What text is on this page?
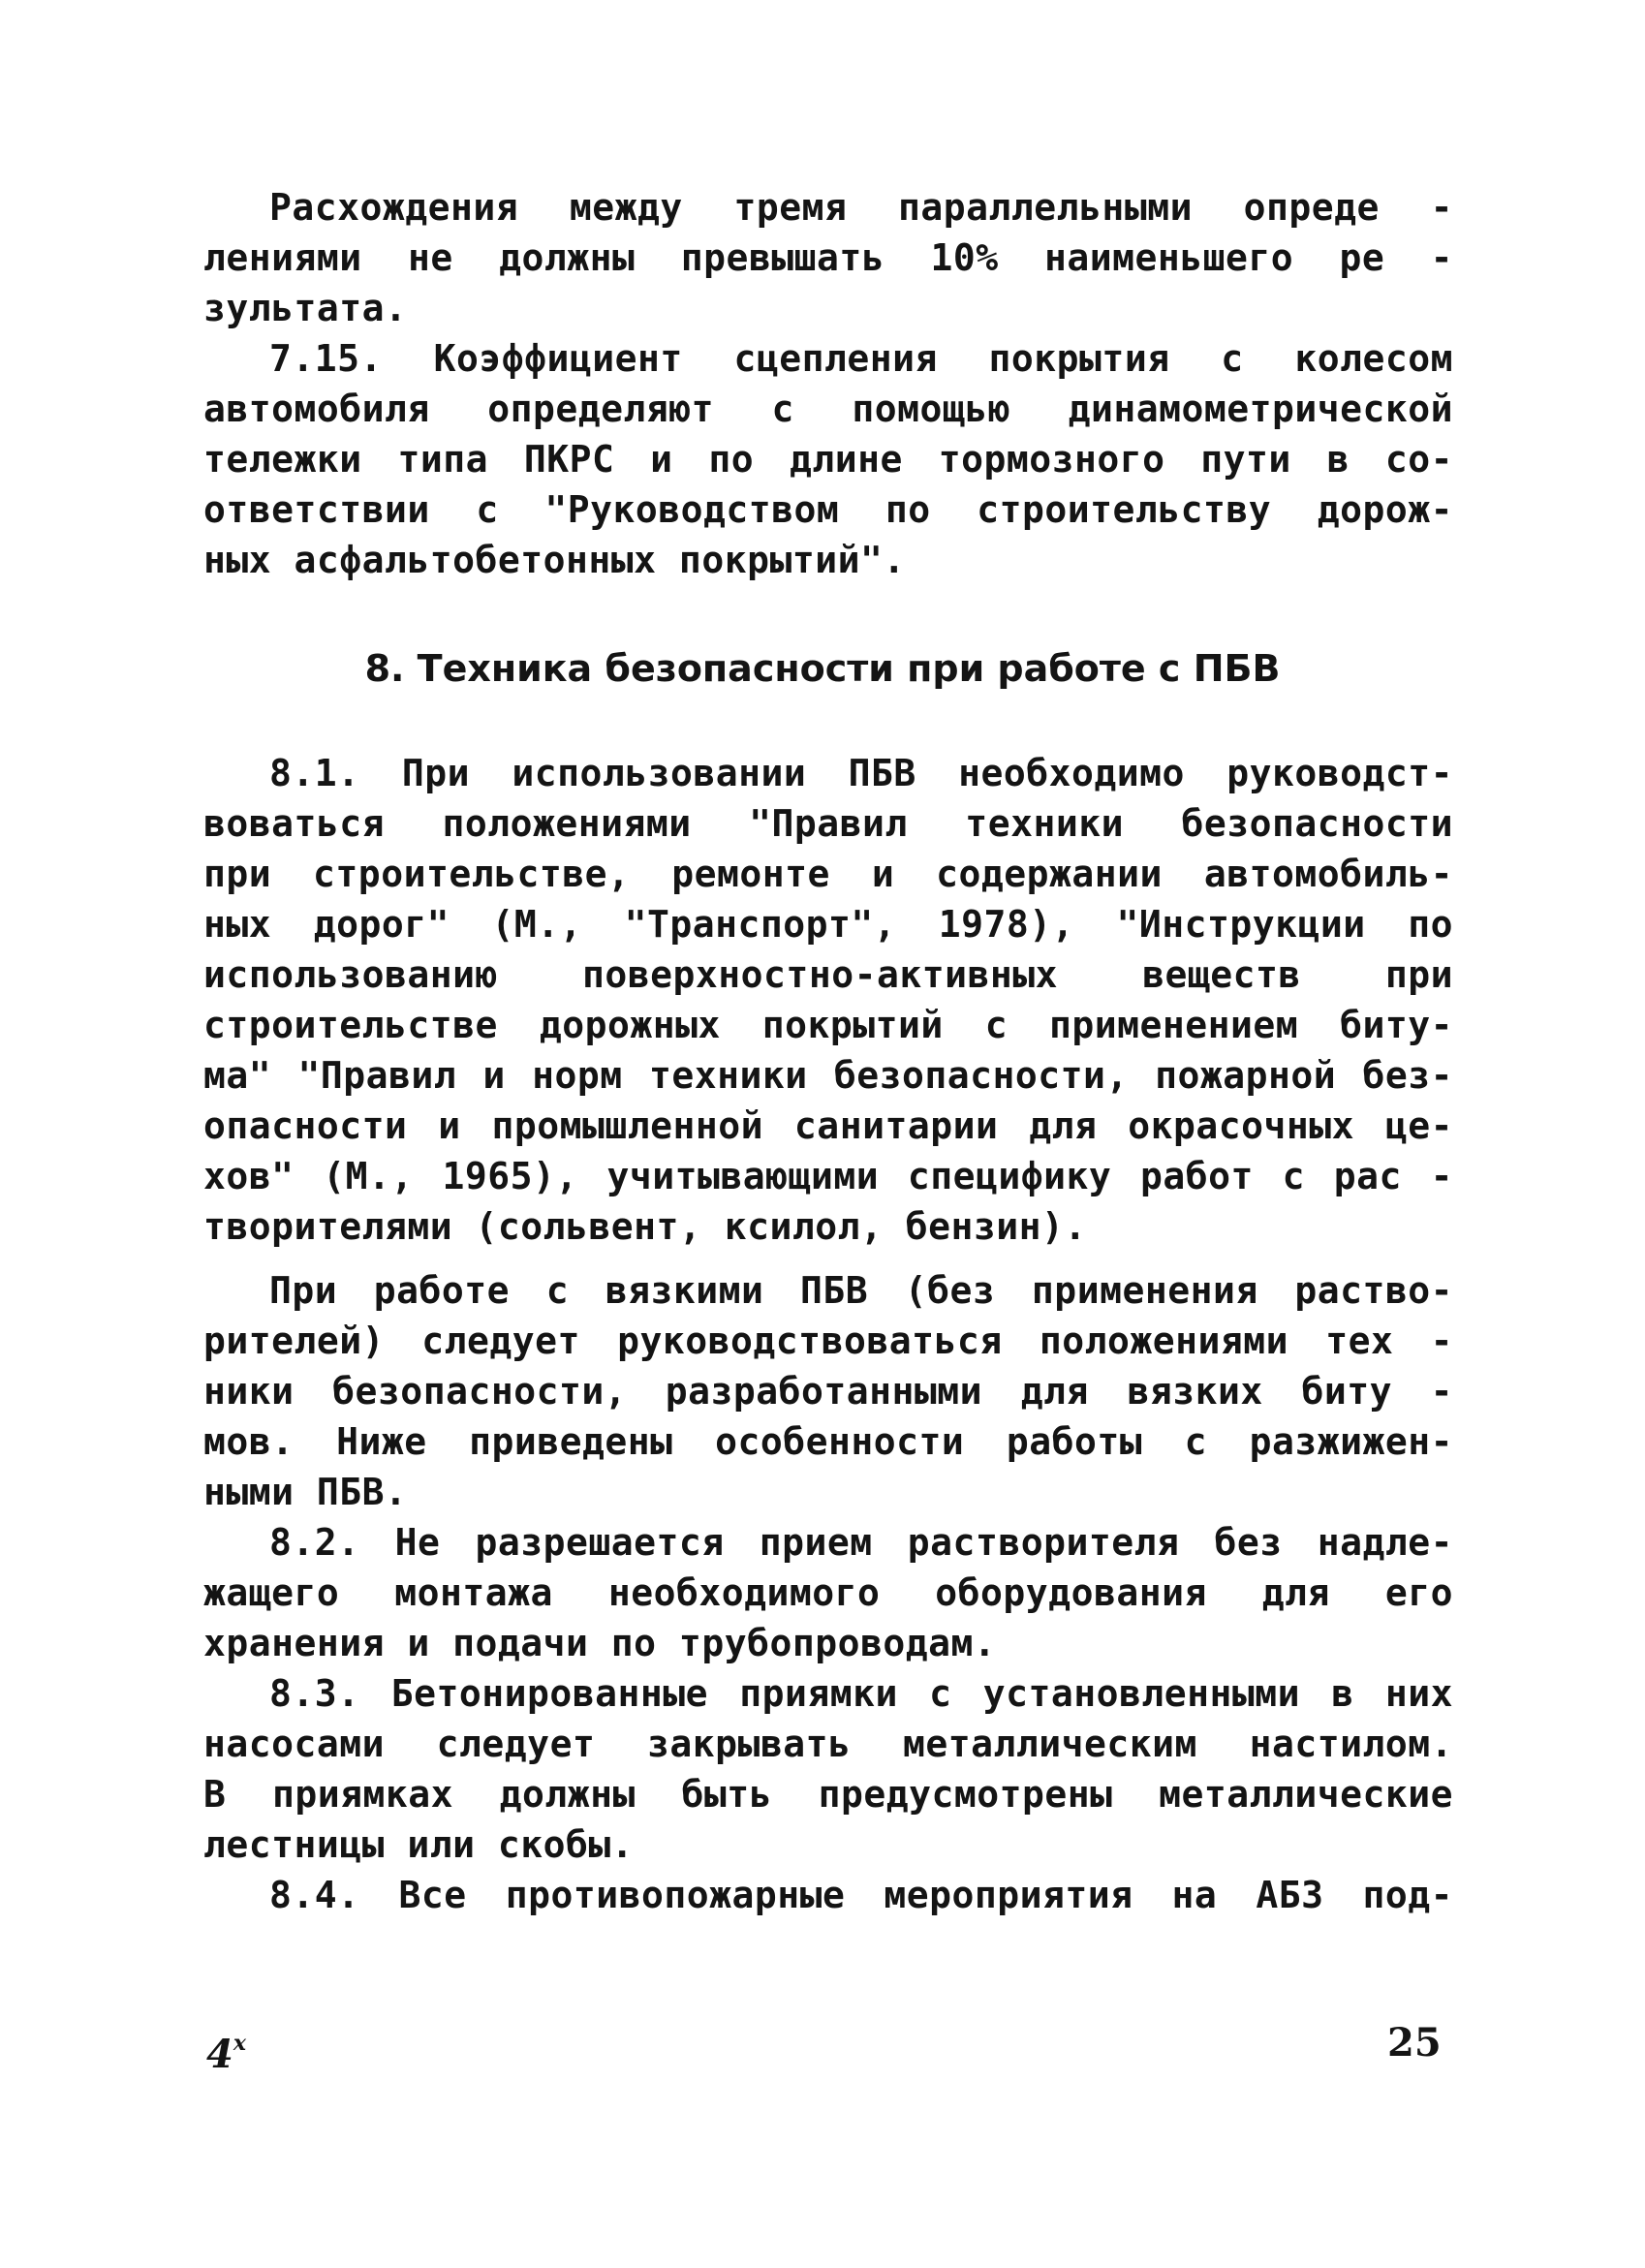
Расхождения между тремя параллельными опреде -

лениями не должны превышать 10% наименьшего ре -

зультата.

7.15. Коэффициент сцепления покрытия с колесом

автомобиля определяют с помощью динамометрической

тележки типа ПКРС и по длине тормозного пути в со-

ответствии с "Руководством по строительству дорож-

ных асфальтобетонных покрытий".

8. Техника безопасности при работе с ПБВ

8.1. При использовании ПБВ необходимо руководст-

воваться положениями "Правил техники безопасности

при строительстве, ремонте и содержании автомобиль-

ных дорог" (М., "Транспорт", 1978), "Инструкции по

использованию поверхностно-активных веществ при

строительстве дорожных покрытий с применением биту-

ма" "Правил и норм техники безопасности, пожарной без-

опасности и промышленной санитарии для окрасочных це-

хов" (М., 1965), учитывающими специфику работ с рас -

творителями (сольвент, ксилол, бензин).

При работе с вязкими ПБВ (без применения раство-

рителей) следует руководствоваться положениями тех -

ники безопасности, разработанными для вязких биту -

мов. Ниже приведены особенности работы с разжижен-

ными ПБВ.

8.2. Не разрешается прием растворителя без надле-

жащего монтажа необходимого оборудования для его

хранения и подачи по трубопроводам.

8.3. Бетонированные приямки с установленными в них

насосами следует закрывать металлическим настилом.

В приямках должны быть предусмотрены металлические

лестницы или скобы.

8.4. Все противопожарные мероприятия на АБЗ под-

4$^x$	25
